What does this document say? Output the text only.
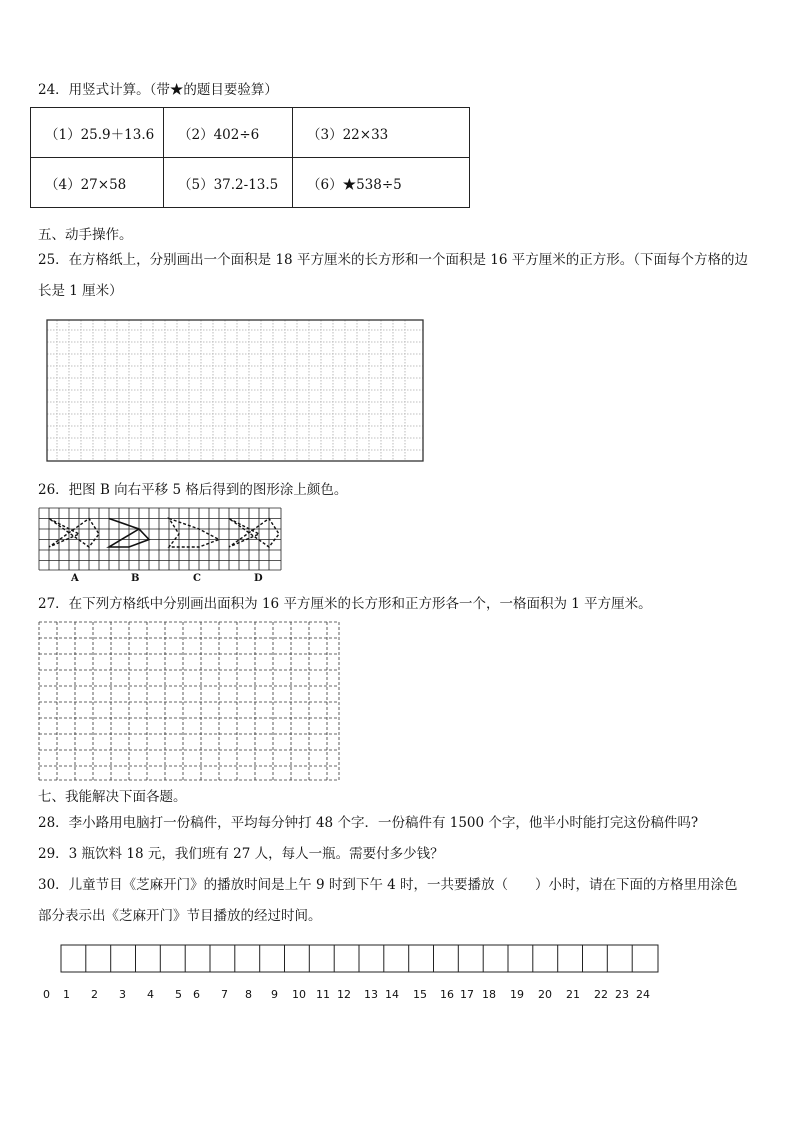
24．用竖式计算。（带★的题目要验算）
（1）25.9＋13.6	（2）402÷6	（3）22×33
（4）27×58	（5）37.2-13.5	（6）★538÷5
五、动手操作。
25．在方格纸上，分别画出一个面积是 18 平方厘米的长方形和一个面积是 16 平方厘米的正方形。（下面每个方格的边
长是 1 厘米）
26．把图 B 向右平移 5 格后得到的图形涂上颜色。
A	B	C	D
27．在下列方格纸中分别画出面积为 16 平方厘米的长方形和正方形各一个，一格面积为 1 平方厘米。
七、我能解决下面各题。
28．李小路用电脑打一份稿件，平均每分钟打 48 个字．一份稿件有 1500 个字，他半小时能打完这份稿件吗?
29．3 瓶饮料 18 元，我们班有 27 人，每人一瓶。需要付多少钱？
30．儿童节目《芝麻开门》的播放时间是上午 9 时到下午 4 时，一共要播放（　　）小时，请在下面的方格里用涂色
部分表示出《芝麻开门》节目播放的经过时间。
0 1 2 3 4 5 6 7 8 9 10 11 12 13 14 15 16 17 18 19 20 21 22 23 24
